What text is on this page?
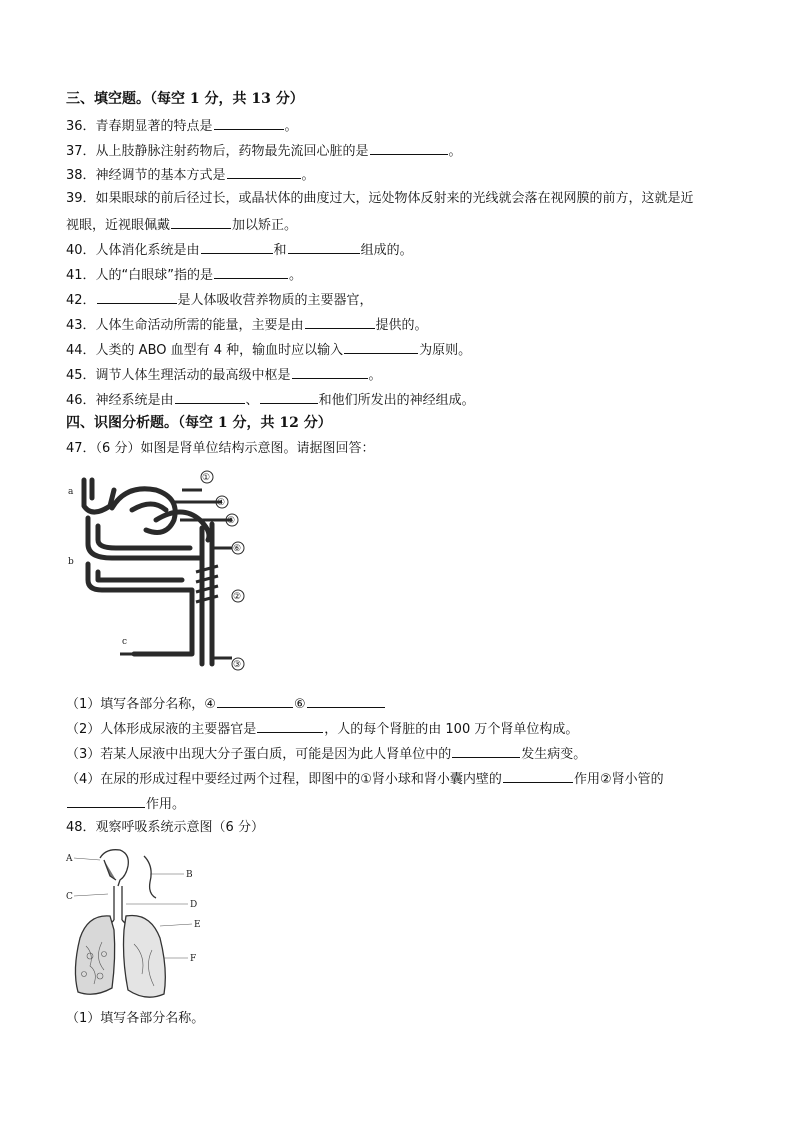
三、填空题。（每空 1 分，共 13 分）
36．青春期显著的特点是	。
37．从上肢静脉注射药物后，药物最先流回心脏的是	。
38．神经调节的基本方式是	。
39．如果眼球的前后径过长，或晶状体的曲度过大，远处物体反射来的光线就会落在视网膜的前方，这就是近
视眼，近视眼佩戴	加以矫正。
40．人体消化系统是由	和	组成的。
41．人的“白眼球”指的是	。
42．	是人体吸收营养物质的主要器官，
43．人体生命活动所需的能量，主要是由	提供的。
44．人类的 ABO 血型有 4 种，输血时应以输入	为原则。
45．调节人体生理活动的最高级中枢是	。
46．神经系统是由	、	和他们所发出的神经组成。
四、识图分析题。（每空 1 分，共 12 分）
47．（6 分）如图是肾单位结构示意图。请据图回答：
a
b
c
①
②
③
④
⑤
⑥
（1）填写各部分名称，④	⑥
（2）人体形成尿液的主要器官是	，人的每个肾脏的由 100 万个肾单位构成。
（3）若某人尿液中出现大分子蛋白质，可能是因为此人肾单位中的	发生病变。
（4）在尿的形成过程中要经过两个过程，即图中的①肾小球和肾小囊内壁的	作用②肾小管的
作用。
48．观察呼吸系统示意图（6 分）
A
B
C
D
E
F
（1）填写各部分名称。
